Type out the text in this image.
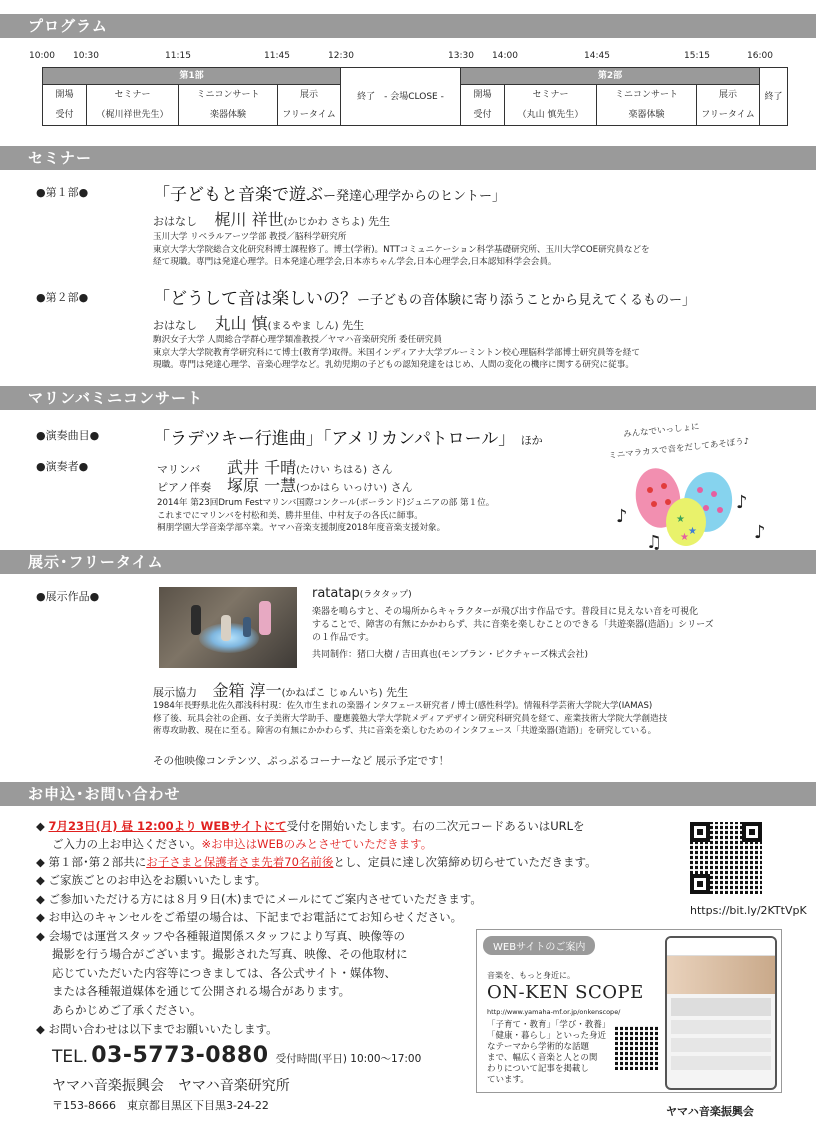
プログラム
10:00 10:30	11:15	11:45	12:30	13:30 14:00	14:45	15:15	16:00
第1部				終了　- 会場CLOSE -	第2部				終了
開場	セミナー	ミニコンサート	展示		開場	セミナー	ミニコンサート	展示	
受付	（梶川祥世先生）	楽器体験	フリータイム		受付	（丸山 慎先生）	楽器体験	フリータイム	
セミナー
●第１部●	「子どもと音楽で遊ぶー発達心理学からのヒントー」
おはなし 梶川 祥世(かじかわ さちよ) 先生
玉川大学 リベラルアーツ学部 教授／脳科学研究所
東京大学大学院総合文化研究科博士課程修了。博士(学術)。NTTコミュニケーション科学基礎研究所、玉川大学COE研究員などを
経て現職。専門は発達心理学。日本発達心理学会,日本赤ちゃん学会,日本心理学会,日本認知科学会会員。
●第２部●	「どうして音は楽しいの？ー子どもの音体験に寄り添うことから見えてくるものー」
おはなし 丸山 慎(まるやま しん) 先生
駒沢女子大学 人間総合学群心理学類准教授／ヤマハ音楽研究所 委任研究員
東京大学大学院教育学研究科にて博士(教育学)取得。米国インディアナ大学ブルーミントン校心理脳科学部博士研究員等を経て
現職。専門は発達心理学、音楽心理学など。乳幼児期の子どもの認知発達をはじめ、人間の変化の機序に関する研究に従事。
マリンバミニコンサート
●演奏曲目●	「ラデツキー行進曲」「アメリカンパトロール」 ほか
●演奏者●	マリンバ 武井 千晴(たけい ちはる) さん
ピアノ伴奏 塚原 一慧(つかはら いっけい) さん
2014年 第23回Drum Festマリンバ国際コンクール(ポーランド)ジュニアの部 第１位。
これまでにマリンバを村松和美、勝井里佳、中村友子の各氏に師事。
桐朋学園大学音楽学部卒業。ヤマハ音楽支援制度2018年度音楽支援対象。
みんなでいっしょに
ミニマラカスで音をだしてあそぼう♪
♪
♫
♪
♪
★
★
★
展示･フリータイム
●展示作品●	ratatap(ラタタップ)
楽器を鳴らすと、その場所からキャラクターが飛び出す作品です。普段目に見えない音を可視化
することで、障害の有無にかかわらず、共に音楽を楽しむことのできる「共遊楽器(造語)」シリーズ
の１作品です。
共同制作：猪口大樹 / 吉田真也(モンブラン・ピクチャーズ株式会社)
展示協力 金箱 淳一(かねばこ じゅんいち) 先生
1984年長野県北佐久郡浅科村現：佐久市生まれの楽器インタフェース研究者 / 博士(感性科学)。情報科学芸術大学院大学(IAMAS)
修了後、玩具会社の企画、女子美術大学助手、慶應義塾大学大学院メディアデザイン研究科研究員を経て、産業技術大学院大学創造技
術専攻助教、現在に至る。障害の有無にかかわらず、共に音楽を楽しむためのインタフェース「共遊楽器(造語)」を研究している。
その他映像コンテンツ、ぷっぷるコーナーなど 展示予定です！
お申込･お問い合わせ
◆ 7月23日(月) 昼 12:00より WEBサイトにて受付を開始いたします。右の二次元コードあるいはURLを
ご入力の上お申込ください。※お申込はWEBのみとさせていただきます。
◆ 第１部･第２部共にお子さまと保護者さま先着70名前後とし、定員に達し次第締め切らせていただきます。
◆ ご家族ごとのお申込をお願いいたします。
◆ ご参加いただける方には８月９日(木)までにメールにてご案内させていただきます。
◆ お申込のキャンセルをご希望の場合は、下記までお電話にてお知らせください。
◆ 会場では運営スタッフや各種報道関係スタッフにより写真、映像等の
撮影を行う場合がございます。撮影された写真、映像、その他取材に
応じていただいた内容等につきましては、各公式サイト・媒体物、
または各種報道媒体を通じて公開される場合があります。
あらかじめご了承ください。
◆ お問い合わせは以下までお願いいたします。
TEL. 03-5773-0880 受付時間(平日) 10:00～17:00
ヤマハ音楽振興会　ヤマハ音楽研究所
〒153-8666　東京都目黒区下目黒3-24-22
https://bit.ly/2KTtVpK
WEBサイトのご案内
音楽を、もっと身近に。
ON-KEN SCOPE
http://www.yamaha-mf.or.jp/onkenscope/
「子育て・教育」「学び・教養」
「健康・暮らし」といった身近
なテーマから学術的な話題
まで、幅広く音楽と人との関
わりについて記事を掲載し
ています。
ヤマハ音楽振興会
